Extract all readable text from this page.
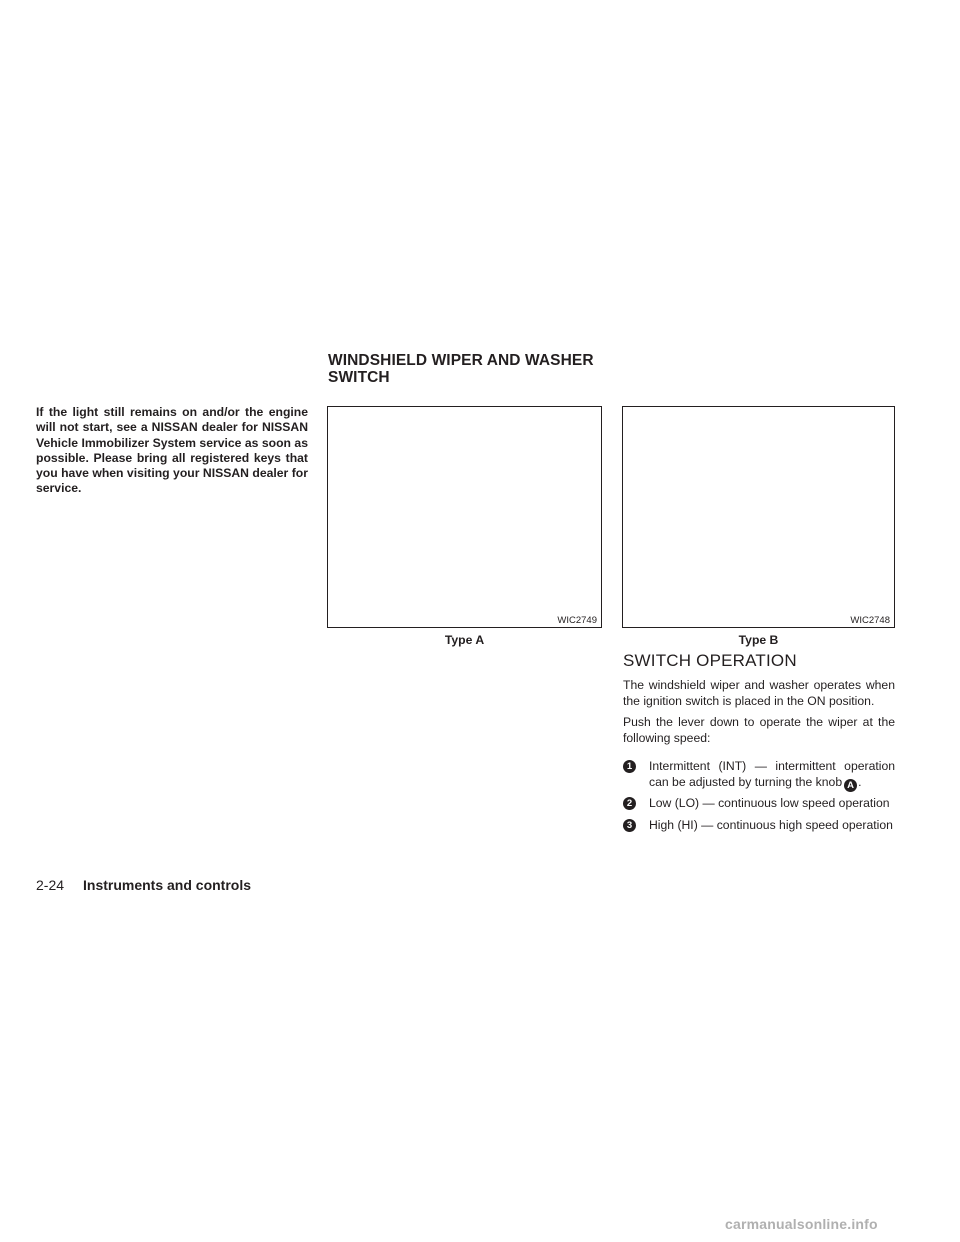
If the light still remains on and/or the engine will not start, see a NISSAN dealer for NISSAN Vehicle Immobilizer System service as soon as possible. Please bring all registered keys that you have when visiting your NISSAN dealer for service.

WINDSHIELD WIPER AND WASHER SWITCH
WIC2749	WIC2748

Type A	Type B

SWITCH OPERATION

The windshield wiper and washer operates when the ignition switch is placed in the ON position.

Push the lever down to operate the wiper at the following speed:

1	Intermittent (INT) — intermittent operation can be adjusted by turning the knob A .
2	Low (LO) — continuous low speed operation
3	High (HI) — continuous high speed operation
2-24 Instruments and controls
carmanualsonline.info
